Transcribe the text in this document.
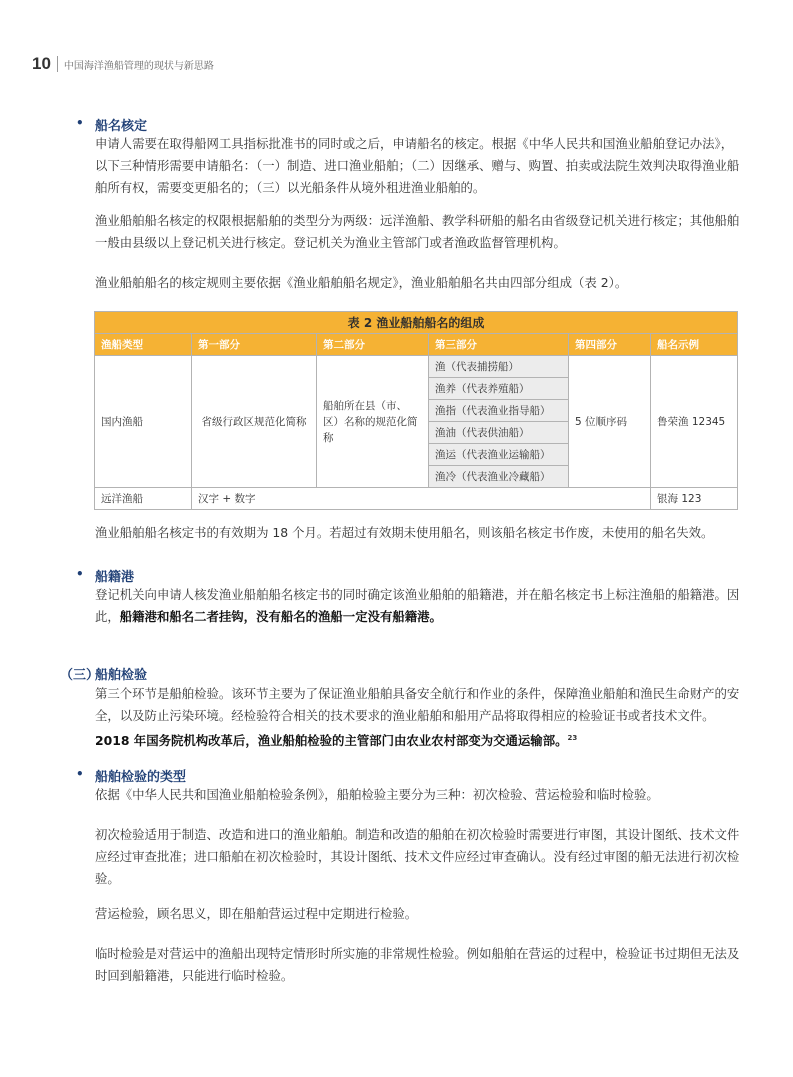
10 中国海洋渔船管理的现状与新思路
• 船名核定

申请人需要在取得船网工具指标批准书的同时或之后，申请船名的核定。根据《中华人民共和国渔业船舶登记办法》，以下三种情形需要申请船名：（一）制造、进口渔业船舶；（二）因继承、赠与、购置、拍卖或法院生效判决取得渔业船舶所有权，需要变更船名的；（三）以光船条件从境外租进渔业船舶的。

渔业船舶船名核定的权限根据船舶的类型分为两级：远洋渔船、教学科研船的船名由省级登记机关进行核定；其他船舶一般由县级以上登记机关进行核定。登记机关为渔业主管部门或者渔政监督管理机构。

渔业船舶船名的核定规则主要依据《渔业船舶船名规定》，渔业船舶船名共由四部分组成（表 2）。

表 2 渔业船舶船名的组成					
渔船类型	第一部分	第二部分	第三部分	第四部分	船名示例
国内渔船	省级行政区规范化简称	船舶所在县（市、区）名称的规范化简称	渔（代表捕捞船）	5 位顺序码	鲁荣渔 12345
			渔养（代表养殖船）		
			渔指（代表渔业指导船）		
			渔油（代表供油船）		
			渔运（代表渔业运输船）		
			渔冷（代表渔业冷藏船）		
远洋渔船	汉字 + 数字				银海 123

渔业船舶船名核定书的有效期为 18 个月。若超过有效期未使用船名，则该船名核定书作废，未使用的船名失效。

• 船籍港

登记机关向申请人核发渔业船舶船名核定书的同时确定该渔业船舶的船籍港，并在船名核定书上标注渔船的船籍港。因此，船籍港和船名二者挂钩，没有船名的渔船一定没有船籍港。

（三）
船舶检验

第三个环节是船舶检验。该环节主要为了保证渔业船舶具备安全航行和作业的条件，保障渔业船舶和渔民生命财产的安全，以及防止污染环境。经检验符合相关的技术要求的渔业船舶和船用产品将取得相应的检验证书或者技术文件。2018 年国务院机构改革后，渔业船舶检验的主管部门由农业农村部变为交通运输部。$^{23}$

• 船舶检验的类型

依据《中华人民共和国渔业船舶检验条例》，船舶检验主要分为三种：初次检验、营运检验和临时检验。

初次检验适用于制造、改造和进口的渔业船舶。制造和改造的船舶在初次检验时需要进行审图，其设计图纸、技术文件应经过审查批准；进口船舶在初次检验时，其设计图纸、技术文件应经过审查确认。没有经过审图的船无法进行初次检验。

营运检验，顾名思义，即在船舶营运过程中定期进行检验。

临时检验是对营运中的渔船出现特定情形时所实施的非常规性检验。例如船舶在营运的过程中，检验证书过期但无法及时回到船籍港，只能进行临时检验。
